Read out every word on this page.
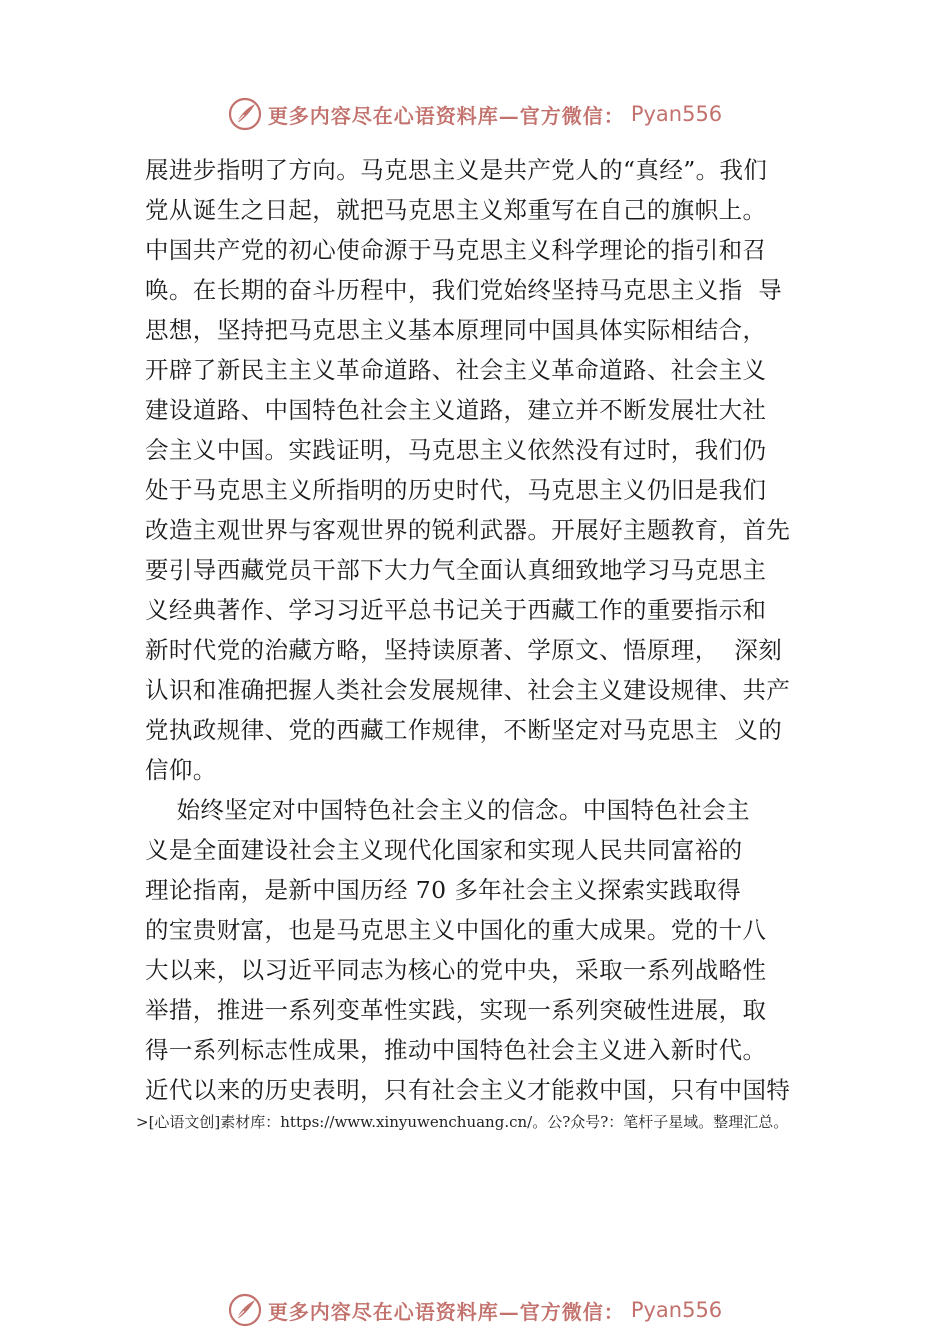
更多内容尽在心语资料库—官方微信： Pyan556
展进步指明了方向。马克思主义是共产党人的“真经”。我们
党从诞生之日起，就把马克思主义郑重写在自己的旗帜上。
中国共产党的初心使命源于马克思主义科学理论的指引和召
唤。在长期的奋斗历程中，我们党始终坚持马克思主义指  导
思想，坚持把马克思主义基本原理同中国具体实际相结合，
开辟了新民主主义革命道路、社会主义革命道路、社会主义
建设道路、中国特色社会主义道路，建立并不断发展壮大社
会主义中国。实践证明，马克思主义依然没有过时，我们仍
处于马克思主义所指明的历史时代，马克思主义仍旧是我们
改造主观世界与客观世界的锐利武器。开展好主题教育，首先
要引导西藏党员干部下大力气全面认真细致地学习马克思主
义经典著作、学习习近平总书记关于西藏工作的重要指示和
新时代党的治藏方略，坚持读原著、学原文、悟原理，  深刻
认识和准确把握人类社会发展规律、社会主义建设规律、共产
党执政规律、党的西藏工作规律，不断坚定对马克思主  义的
信仰。
始终坚定对中国特色社会主义的信念。中国特色社会主
义是全面建设社会主义现代化国家和实现人民共同富裕的
理论指南，是新中国历经 70 多年社会主义探索实践取得
的宝贵财富，也是马克思主义中国化的重大成果。党的十八
大以来，以习近平同志为核心的党中央，采取一系列战略性
举措，推进一系列变革性实践，实现一系列突破性进展，取
得一系列标志性成果，推动中国特色社会主义进入新时代。
近代以来的历史表明，只有社会主义才能救中国，只有中国特
>[心语文创]素材库：https://www.xinyuwenchuang.cn/。公?众号?：笔杆子星域。整理汇总。
更多内容尽在心语资料库—官方微信： Pyan556
